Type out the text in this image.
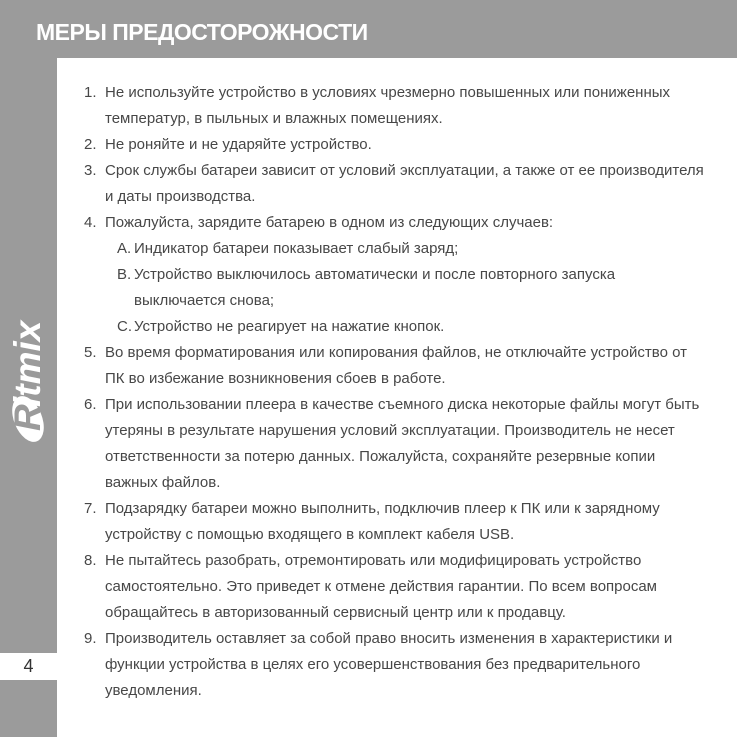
МЕРЫ ПРЕДОСТОРОЖНОСТИ
R
itmix
4
1. Не используйте устройство в условиях чрезмерно повышенных или пониженных температур, в пыльных и влажных помещениях.
2. Не роняйте и не ударяйте устройство.
3. Срок службы батареи зависит от условий эксплуатации, а также от ее производителя и даты производства.
4. Пожалуйста, зарядите батарею в одном из следующих случаев:
A. Индикатор батареи показывает слабый заряд;
B. Устройство выключилось автоматически и после повторного запуска выключается снова;
C. Устройство не реагирует на нажатие кнопок.
5. Во время форматирования или копирования файлов, не отключайте устройство от ПК во избежание возникновения сбоев в работе.
6. При использовании плеера в качестве съемного диска некоторые файлы могут быть утеряны в результате нарушения условий эксплуатации. Производитель не несет ответственности за потерю данных. Пожалуйста, сохраняйте резервные копии важных файлов.
7. Подзарядку батареи можно выполнить, подключив плеер к ПК или к зарядному устройству с помощью входящего в комплект кабеля USB.
8. Не пытайтесь разобрать, отремонтировать или модифицировать устройство самостоятельно. Это приведет к отмене действия гарантии. По всем вопросам обращайтесь в авторизованный сервисный центр или к продавцу.
9. Производитель оставляет за собой право вносить изменения в характеристики и функции устройства в целях его усовершенствования без предварительного уведомления.
